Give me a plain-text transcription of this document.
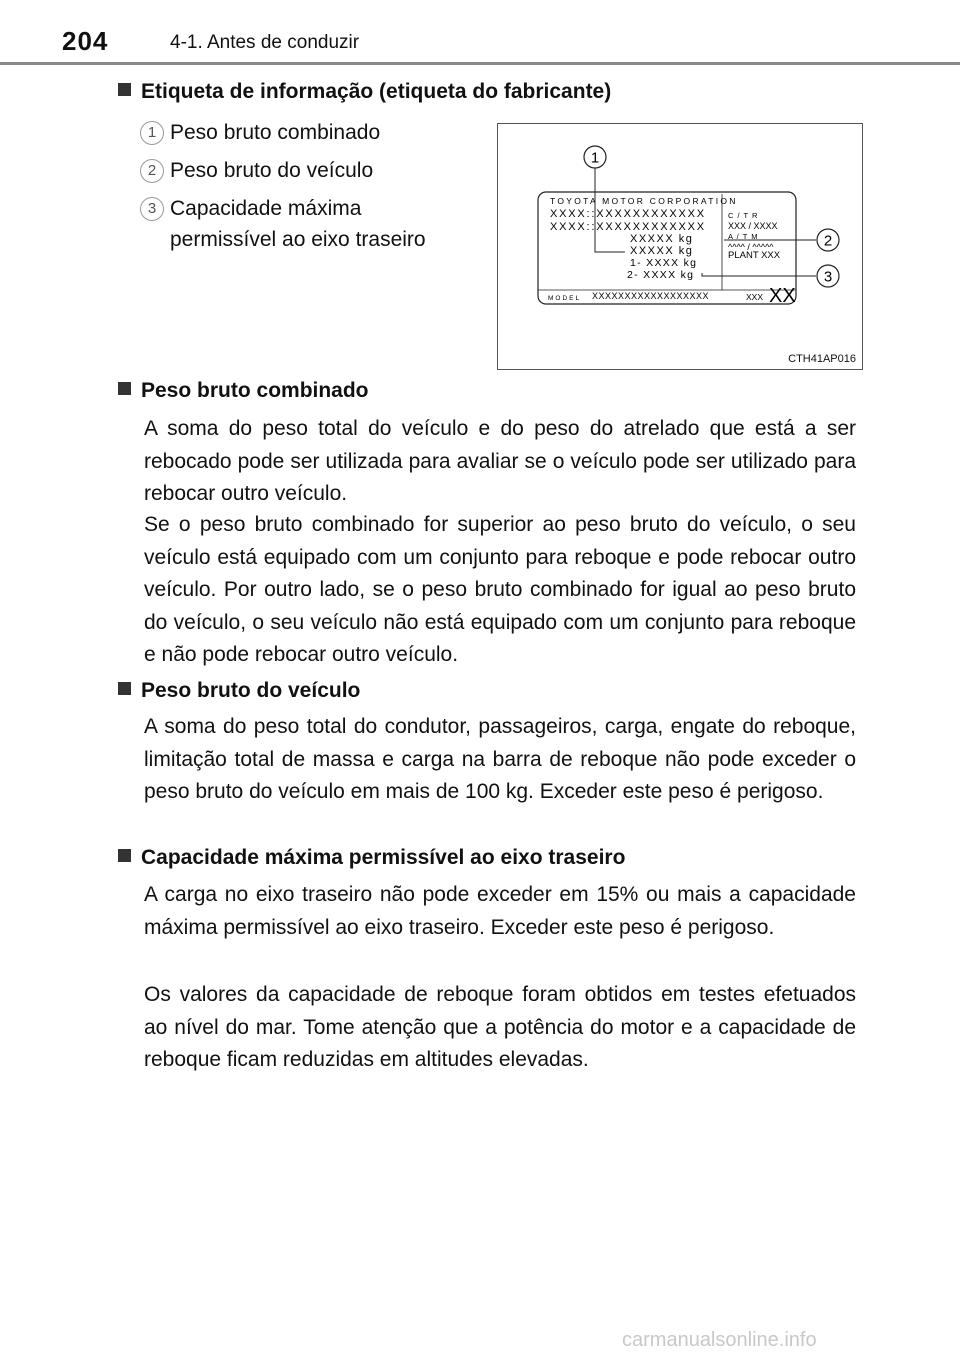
204	4-1. Antes de conduzir
Etiqueta de informação (etiqueta do fabricante)
1 Peso bruto combinado
2 Peso bruto do veículo
3 Capacidade máxima permissível ao eixo traseiro
TOYOTA MOTOR CORPORATION
XXXX::XXXXXXXXXXXX
XXXX::XXXXXXXXXXXX
XXXXX kg
XXXXX kg
1- XXXX kg
2- XXXX kg
C / T R
XXX / XXXX
A / T M
^^^^ / ^^^^^
PLANT XXX
MODEL XXXXXXXXXXXXXXXXXX	XXX XX
1
2
3
CTH41AP016
Peso bruto combinado

A soma do peso total do veículo e do peso do atrelado que está a ser rebocado pode ser utilizada para avaliar se o veículo pode ser utilizado para rebocar outro veículo.

Se o peso bruto combinado for superior ao peso bruto do veículo, o seu veículo está equipado com um conjunto para reboque e pode rebocar outro veículo. Por outro lado, se o peso bruto combinado for igual ao peso bruto do veículo, o seu veículo não está equipado com um conjunto para reboque e não pode rebocar outro veículo.

Peso bruto do veículo

A soma do peso total do condutor, passageiros, carga, engate do reboque, limitação total de massa e carga na barra de reboque não pode exceder o peso bruto do veículo em mais de 100 kg. Exceder este peso é perigoso.

Capacidade máxima permissível ao eixo traseiro

A carga no eixo traseiro não pode exceder em 15% ou mais a capacidade máxima permissível ao eixo traseiro. Exceder este peso é perigoso.

Os valores da capacidade de reboque foram obtidos em testes efetuados ao nível do mar. Tome atenção que a potência do motor e a capacidade de reboque ficam reduzidas em altitudes elevadas.

carmanualsonline.info
